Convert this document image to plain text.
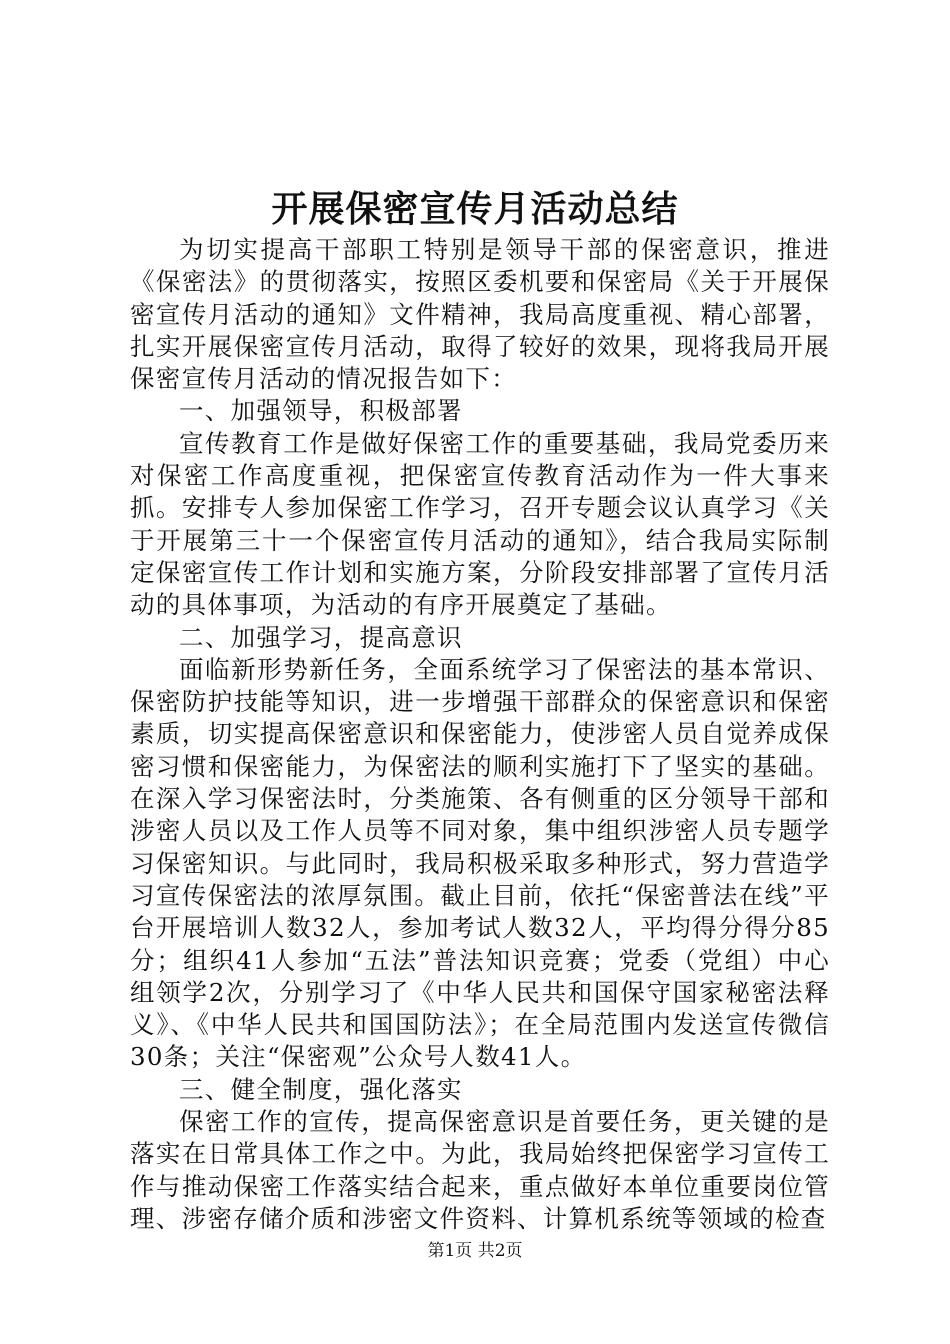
开展保密宣传月活动总结

为切实提高干部职工特别是领导干部的保密意识，推进《保密法》的贯彻落实，按照区委机要和保密局《关于开展保密宣传月活动的通知》文件精神，我局高度重视、精心部署，扎实开展保密宣传月活动，取得了较好的效果，现将我局开展保密宣传月活动的情况报告如下：

一、加强领导，积极部署

宣传教育工作是做好保密工作的重要基础，我局党委历来对保密工作高度重视，把保密宣传教育活动作为一件大事来抓。安排专人参加保密工作学习，召开专题会议认真学习《关于开展第三十一个保密宣传月活动的通知》，结合我局实际制定保密宣传工作计划和实施方案，分阶段安排部署了宣传月活动的具体事项，为活动的有序开展奠定了基础。

二、加强学习，提高意识

面临新形势新任务，全面系统学习了保密法的基本常识、保密防护技能等知识，进一步增强干部群众的保密意识和保密素质，切实提高保密意识和保密能力，使涉密人员自觉养成保密习惯和保密能力，为保密法的顺利实施打下了坚实的基础。在深入学习保密法时，分类施策、各有侧重的区分领导干部和涉密人员以及工作人员等不同对象，集中组织涉密人员专题学习保密知识。与此同时，我局积极采取多种形式，努力营造学习宣传保密法的浓厚氛围。截止目前，依托“保密普法在线”平台开展培训人数32人，参加考试人数32人，平均得分得分85分；组织41人参加“五法”普法知识竞赛；党委（党组）中心组领学2次，分别学习了《中华人民共和国保守国家秘密法释义》、《中华人民共和国国防法》；在全局范围内发送宣传微信30条；关注“保密观”公众号人数41人。

三、健全制度，强化落实

保密工作的宣传，提高保密意识是首要任务，更关键的是落实在日常具体工作之中。为此，我局始终把保密学习宣传工作与推动保密工作落实结合起来，重点做好本单位重要岗位管理、涉密存储介质和涉密文件资料、计算机系统等领域的检查

第1页 共2页
